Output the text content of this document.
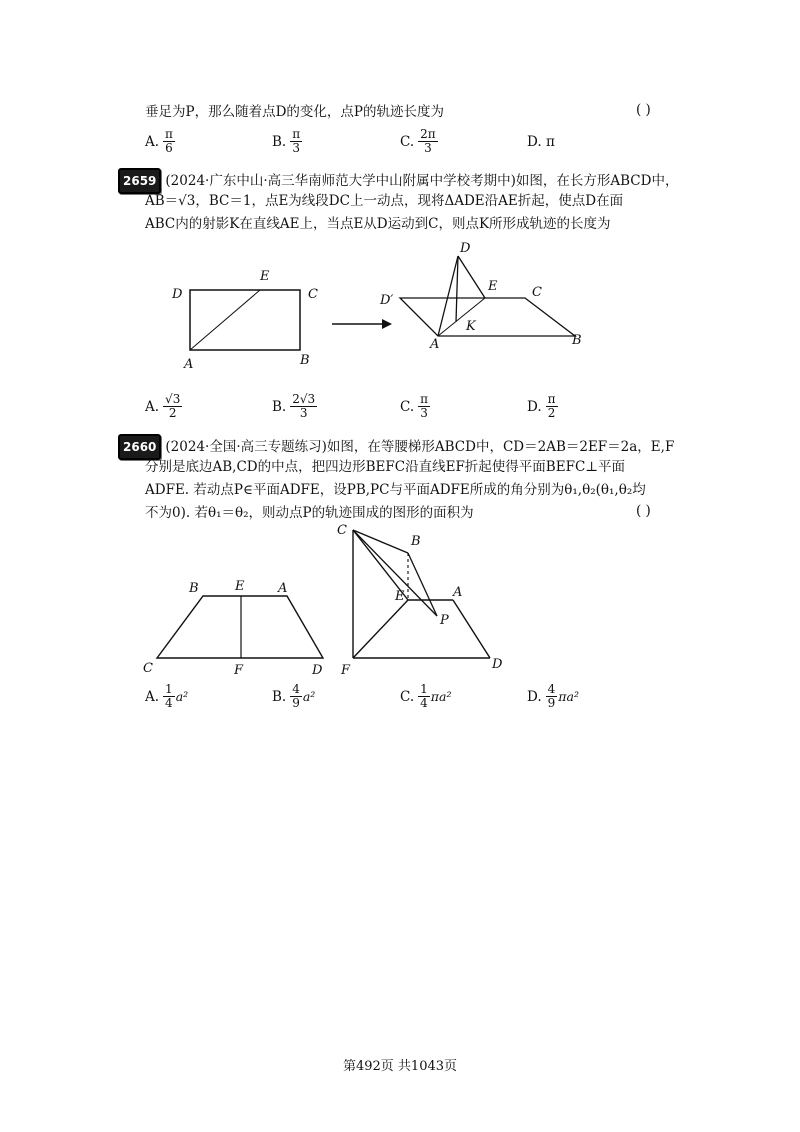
垂足为P，那么随着点D的变化，点P的轨迹长度为	( )
A. $\frac{\pi}{6}$	B. $\frac{\pi}{3}$	C. $\frac{2\pi}{3}$	D.
π
2659 (2024·广东中山·高三华南师范大学中山附属中学校考期中)如图，在长方形ABCD中，
AB＝√3，BC＝1，点E为线段DC上一动点，现将ΔADE沿AE折起，使点D在面
ABC内的射影K在直线AE上，当点E从D运动到C，则点K所形成轨迹的长度为
D
E
C
A	B
D
D′
E	C
K
A	B
A. $\frac{√3}{2}$	B. $\frac{2√3}{3}$	C. $\frac{\pi}{3}$	D. $\frac{\pi}{2}$
2660 (2024·全国·高三专题练习)如图，在等腰梯形ABCD中，CD＝2AB＝2EF＝2a，E,F
分别是底边AB,CD的中点，把四边形BEFC沿直线EF折起使得平面BEFC⊥平面
ADFE. 若动点P∈平面ADFE，设PB,PC与平面ADFE所成的角分别为θ₁,θ₂(θ₁,θ₂均
不为0). 若θ₁＝θ₂，则动点P的轨迹围成的图形的面积为	( )
B	E	A
C	F	D
C
B
E	A
P
F	D
A. $\frac{1}{4} a^2$	B. $\frac{4}{9} a^2$	C. $\frac{1}{4} \pi a^2$	D. $\frac{4}{9} \pi a^2$
第492页 共1043页
